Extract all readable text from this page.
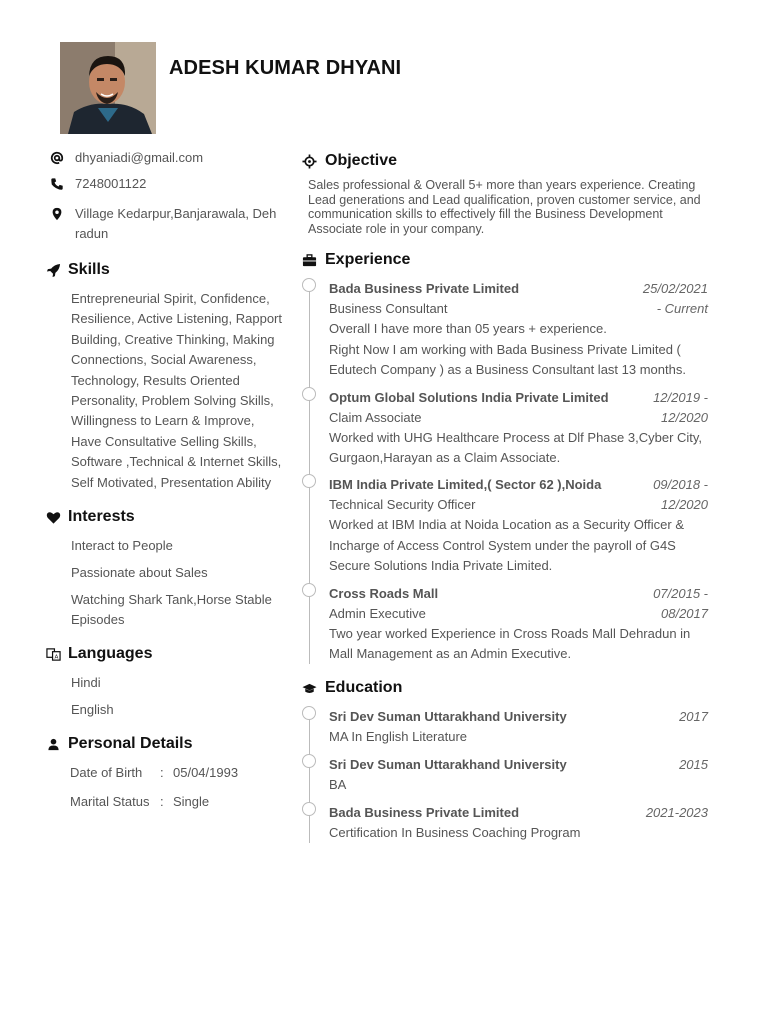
ADESH KUMAR DHYANI
dhyaniadi@gmail.com
7248001122
Village Kedarpur,Banjarawala, Deh radun
Skills
Entrepreneurial Spirit, Confidence, Resilience, Active Listening, Rapport Building, Creative Thinking, Making Connections, Social Awareness, Technology, Results Oriented Personality, Problem Solving Skills, Willingness to Learn & Improve, Have Consultative Selling Skills, Software ,Technical & Internet Skills, Self Motivated, Presentation Ability
Interests
Interact to People
Passionate about Sales
Watching Shark Tank,Horse Stable Episodes
A Languages
Hindi
English
Personal Details
Date of Birth	: 05/04/1993
Marital Status : Single
Objective
Sales professional & Overall 5+ more than years experience. Creating Lead generations and Lead qualification, proven customer service, and communication skills to effectively fill the Business Development Associate role in your company.
Experience
Bada Business Private Limited	25/02/2021
Business Consultant	- Current
Overall I have more than 05 years + experience.
Right Now I am working with Bada Business Private Limited ( Edutech Company ) as a Business Consultant last 13 months.
Optum Global Solutions India Private Limited	12/2019 -
Claim Associate	12/2020
Worked with UHG Healthcare Process at Dlf Phase 3,Cyber City, Gurgaon,Harayan as a Claim Associate.
IBM India Private Limited,( Sector 62 ),Noida	09/2018 -
Technical Security Officer	12/2020
Worked at IBM India at Noida Location as a Security Officer & Incharge of Access Control System under the payroll of G4S Secure Solutions India Private Limited.
Cross Roads Mall	07/2015 -
Admin Executive	08/2017
Two year worked Experience in Cross Roads Mall Dehradun in Mall Management as an Admin Executive.
Education
Sri Dev Suman Uttarakhand University	2017
MA In English Literature
Sri Dev Suman Uttarakhand University	2015
BA
Bada Business Private Limited	2021-2023
Certification In Business Coaching Program
